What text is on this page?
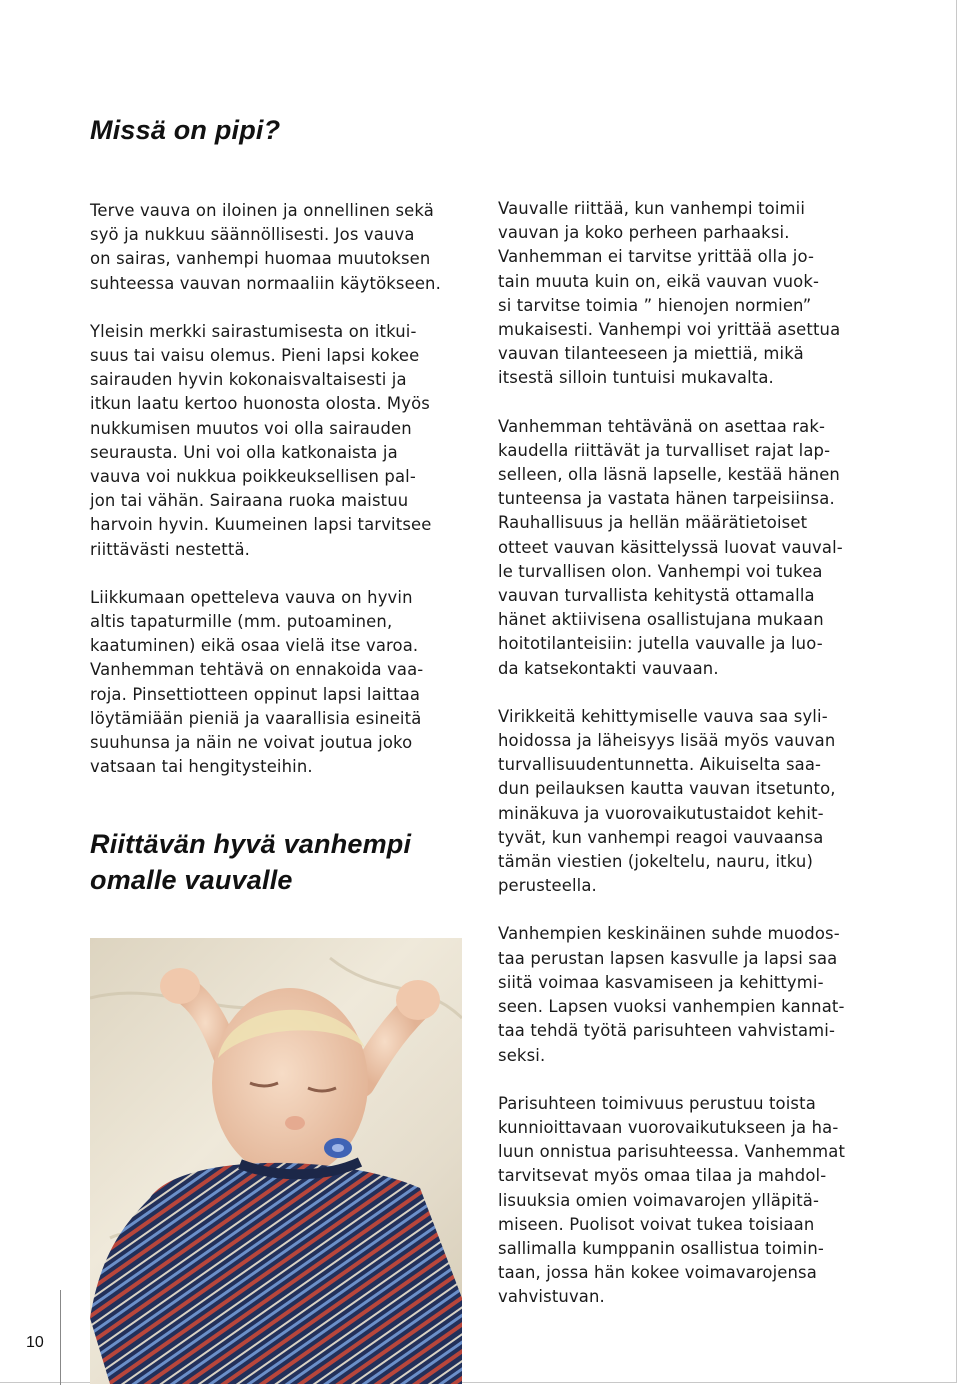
Missä on pipi?

Terve vauva on iloinen ja onnellinen sekä
syö ja nukkuu säännöllisesti. Jos vauva
on sairas, vanhempi huomaa muutoksen
suhteessa vauvan normaaliin käytökseen.

Yleisin merkki sairastumisesta on itkui-
suus tai vaisu olemus. Pieni lapsi kokee
sairauden hyvin kokonaisvaltaisesti ja
itkun laatu kertoo huonosta olosta. Myös
nukkumisen muutos voi olla sairauden
seurausta. Uni voi olla katkonaista ja
vauva voi nukkua poikkeuksellisen pal-
jon tai vähän. Sairaana ruoka maistuu
harvoin hyvin. Kuumeinen lapsi tarvitsee
riittävästi nestettä.

Liikkumaan opetteleva vauva on hyvin
altis tapaturmille (mm. putoaminen,
kaatuminen) eikä osaa vielä itse varoa.
Vanhemman tehtävä on ennakoida vaa-
roja. Pinsettiotteen oppinut lapsi laittaa
löytämiään pieniä ja vaarallisia esineitä
suuhunsa ja näin ne voivat joutua joko
vatsaan tai hengitysteihin.

Riittävän hyvä vanhempi
omalle vauvalle

Vauvalle riittää, kun vanhempi toimii
vauvan ja koko perheen parhaaksi.
Vanhemman ei tarvitse yrittää olla jo-
tain muuta kuin on, eikä vauvan vuok-
si tarvitse toimia ” hienojen normien”
mukaisesti. Vanhempi voi yrittää asettua
vauvan tilanteeseen ja miettiä, mikä
itsestä silloin tuntuisi mukavalta.

Vanhemman tehtävänä on asettaa rak-
kaudella riittävät ja turvalliset rajat lap-
selleen, olla läsnä lapselle, kestää hänen
tunteensa ja vastata hänen tarpeisiinsa.
Rauhallisuus ja hellän määrätietoiset
otteet vauvan käsittelyssä luovat vauval-
le turvallisen olon. Vanhempi voi tukea
vauvan turvallista kehitystä ottamalla
hänet aktiivisena osallistujana mukaan
hoitotilanteisiin: jutella vauvalle ja luo-
da katsekontakti vauvaan.

Virikkeitä kehittymiselle vauva saa syli-
hoidossa ja läheisyys lisää myös vauvan
turvallisuudentunnetta. Aikuiselta saa-
dun peilauksen kautta vauvan itsetunto,
minäkuva ja vuorovaikutustaidot kehit-
tyvät, kun vanhempi reagoi vauvaansa
tämän viestien (jokeltelu, nauru, itku)
perusteella.

Vanhempien keskinäinen suhde muodos-
taa perustan lapsen kasvulle ja lapsi saa
siitä voimaa kasvamiseen ja kehittymi-
seen. Lapsen vuoksi vanhempien kannat-
taa tehdä työtä parisuhteen vahvistami-
seksi.

Parisuhteen toimivuus perustuu toista
kunnioittavaan vuorovaikutukseen ja ha-
luun onnistua parisuhteessa. Vanhemmat
tarvitsevat myös omaa tilaa ja mahdol-
lisuuksia omien voimavarojen ylläpitä-
miseen. Puolisot voivat tukea toisiaan
sallimalla kumppanin osallistua toimin-
taan, jossa hän kokee voimavarojensa
vahvistuvan.

10
